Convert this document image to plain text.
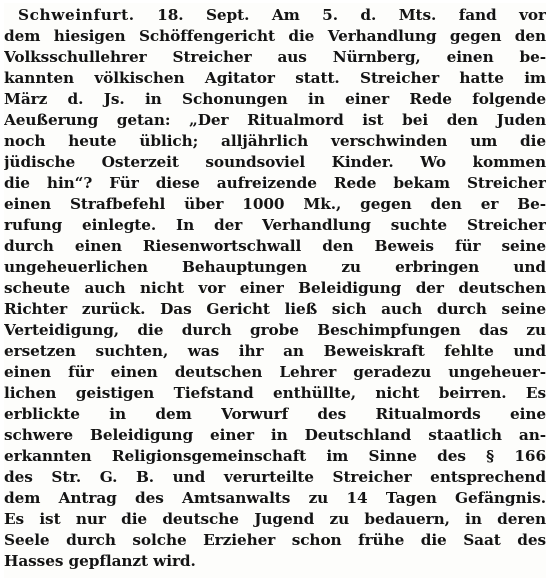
Schweinfurt. 18. Sept. Am 5. d. Mts. fand vor
dem hiesigen Schöffengericht die Verhandlung gegen den
Volksschullehrer Streicher aus Nürnberg, einen be-
kannten völkischen Agitator statt. Streicher hatte im
März d. Js. in Schonungen in einer Rede folgende
Aeußerung getan: „Der Ritualmord ist bei den Juden
noch heute üblich; alljährlich verschwinden um die
jüdische Osterzeit soundsoviel Kinder. Wo kommen
die hin“? Für diese aufreizende Rede bekam Streicher
einen Strafbefehl über 1000 Mk., gegen den er Be-
rufung einlegte. In der Verhandlung suchte Streicher
durch einen Riesenwortschwall den Beweis für seine
ungeheuerlichen Behauptungen zu erbringen und
scheute auch nicht vor einer Beleidigung der deutschen
Richter zurück. Das Gericht ließ sich auch durch seine
Verteidigung, die durch grobe Beschimpfungen das zu
ersetzen suchten, was ihr an Beweiskraft fehlte und
einen für einen deutschen Lehrer geradezu ungeheuer-
lichen geistigen Tiefstand enthüllte, nicht beirren. Es
erblickte in dem Vorwurf des Ritualmords eine
schwere Beleidigung einer in Deutschland staatlich an-
erkannten Religionsgemeinschaft im Sinne des § 166
des Str. G. B. und verurteilte Streicher entsprechend
dem Antrag des Amtsanwalts zu 14 Tagen Gefängnis.
Es ist nur die deutsche Jugend zu bedauern, in deren
Seele durch solche Erzieher schon frühe die Saat des
Hasses gepflanzt wird.
